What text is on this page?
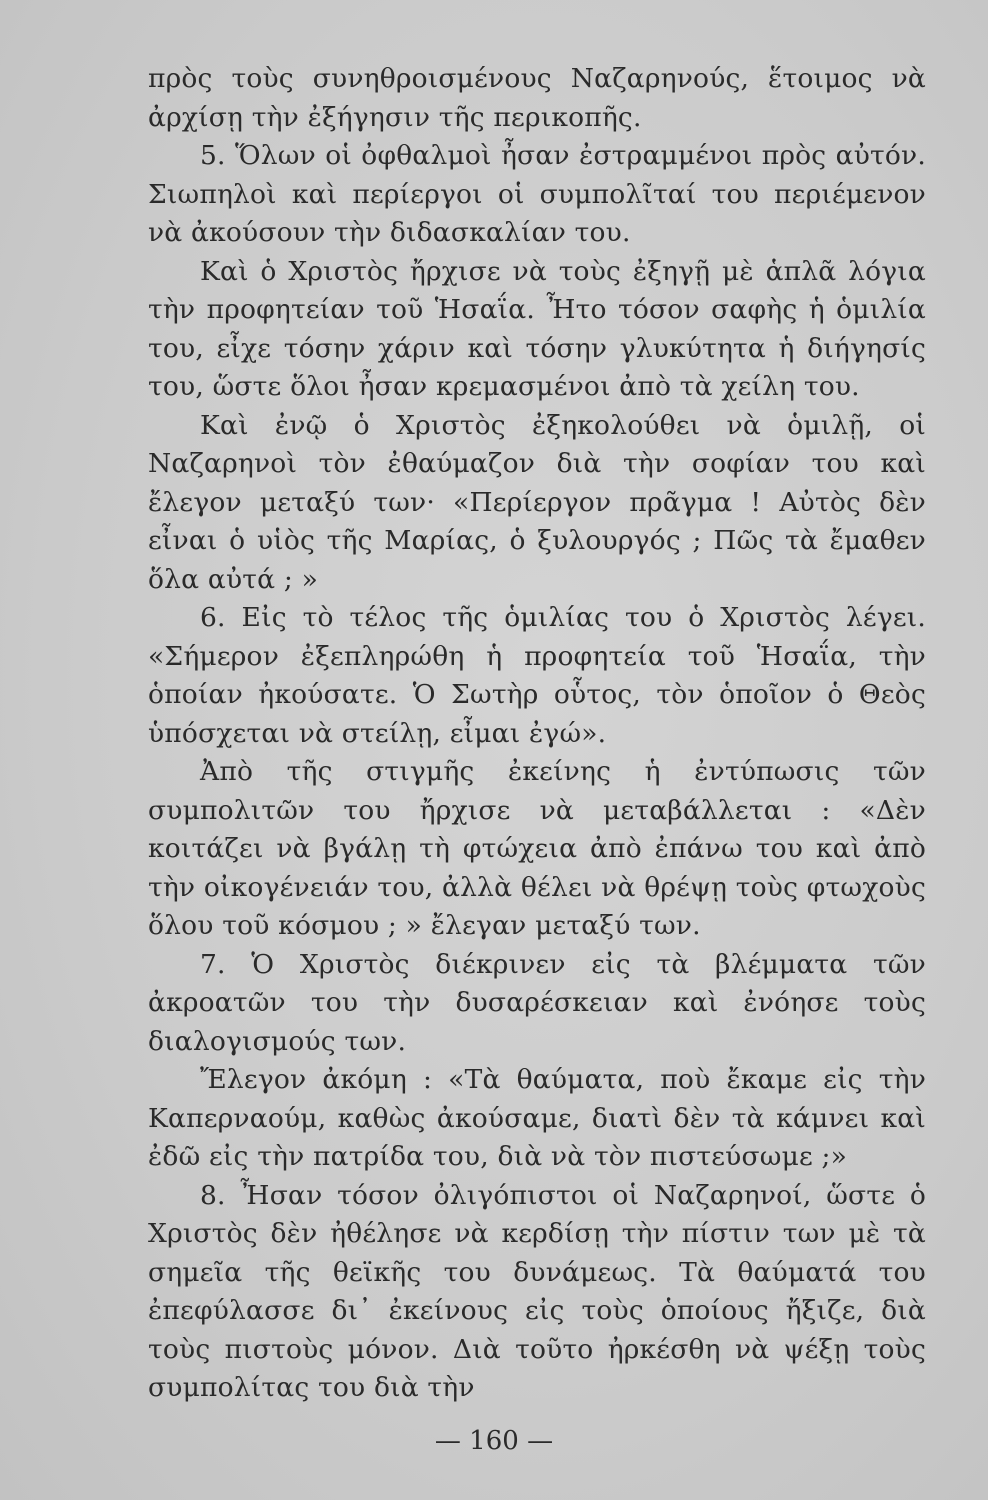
πρὸς τοὺς συνηθροισμένους Ναζαρηνούς, ἕτοιμος νὰ ἀρχίσῃ τὴν ἐξήγησιν τῆς περικοπῆς.

5. Ὅλων οἱ ὀφθαλμοὶ ἦσαν ἐστραμμένοι πρὸς αὐτόν. Σιωπηλοὶ καὶ περίεργοι οἱ συμπολῖταί του περιέμενον νὰ ἀκούσουν τὴν διδασκαλίαν του.

Καὶ ὁ Χριστὸς ἤρχισε νὰ τοὺς ἐξηγῇ μὲ ἁπλᾶ λόγια τὴν προφητείαν τοῦ Ἡσαΐα. Ἦτο τόσον σαφὴς ἡ ὁμιλία του, εἶχε τόσην χάριν καὶ τόσην γλυκύτητα ἡ διήγησίς του, ὥστε ὅλοι ἦσαν κρεμασμένοι ἀπὸ τὰ χείλη του.

Καὶ ἐνῷ ὁ Χριστὸς ἐξηκολούθει νὰ ὁμιλῇ, οἱ Ναζαρηνοὶ τὸν ἐθαύμαζον διὰ τὴν σοφίαν του καὶ ἔλεγον μεταξύ των· «Περίεργον πρᾶγμα ! Αὐτὸς δὲν εἶναι ὁ υἱὸς τῆς Μαρίας, ὁ ξυλουργός ; Πῶς τὰ ἔμαθεν ὅλα αὐτά ; »

6. Εἰς τὸ τέλος τῆς ὁμιλίας του ὁ Χριστὸς λέγει. «Σήμερον ἐξεπληρώθη ἡ προφητεία τοῦ Ἡσαΐα, τὴν ὁποίαν ἠκούσατε. Ὁ Σωτὴρ οὗτος, τὸν ὁποῖον ὁ Θεὸς ὑπόσχεται νὰ στείλῃ, εἶμαι ἐγώ».

Ἀπὸ τῆς στιγμῆς ἐκείνης ἡ ἐντύπωσις τῶν συμπολιτῶν του ἤρχισε νὰ μεταβάλλεται : «Δὲν κοιτάζει νὰ βγάλῃ τὴ φτώχεια ἀπὸ ἐπάνω του καὶ ἀπὸ τὴν οἰκογένειάν του, ἀλλὰ θέλει νὰ θρέψῃ τοὺς φτωχοὺς ὅλου τοῦ κόσμου ; » ἔλεγαν μεταξύ των.

7. Ὁ Χριστὸς διέκρινεν εἰς τὰ βλέμματα τῶν ἀκροατῶν του τὴν δυσαρέσκειαν καὶ ἐνόησε τοὺς διαλογισμούς των.

Ἔλεγον ἀκόμη : «Τὰ θαύματα, ποὺ ἔκαμε εἰς τὴν Καπερναούμ, καθὼς ἀκούσαμε, διατὶ δὲν τὰ κάμνει καὶ ἐδῶ εἰς τὴν πατρίδα του, διὰ νὰ τὸν πιστεύσωμε ;»

8. Ἦσαν τόσον ὀλιγόπιστοι οἱ Ναζαρηνοί, ὥστε ὁ Χριστὸς δὲν ἠθέλησε νὰ κερδίσῃ τὴν πίστιν των μὲ τὰ σημεῖα τῆς θεϊκῆς του δυνάμεως. Τὰ θαύματά του ἐπεφύλασσε δι᾽ ἐκείνους εἰς τοὺς ὁποίους ἤξιζε, διὰ τοὺς πιστοὺς μόνον. Διὰ τοῦτο ἠρκέσθη νὰ ψέξῃ τοὺς συμπολίτας του διὰ τὴν

— 160 —
